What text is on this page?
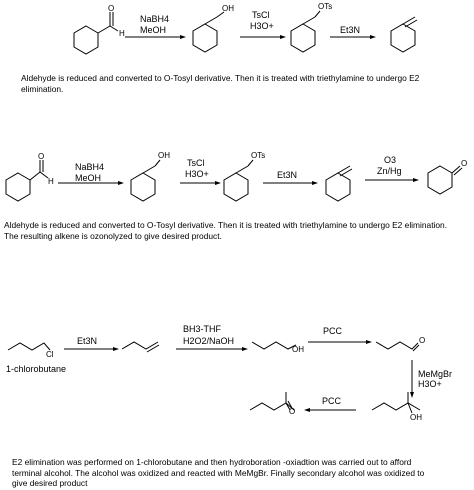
O
H
NaBH4
MeOH
OH
TsCl
H3O+
OTs
Et3N
O
H
NaBH4
MeOH
OH
TsCl
H3O+
OTs
Et3N
O3
Zn/Hg
O
Cl
1-chlorobutane
Et3N
BH3-THF
H2O2/NaOH
OH
PCC
O
MeMgBr
H3O+
OH
PCC
O

Aldehyde is reduced and converted to O-Tosyl derivative. Then it is treated with triethylamine to undergo E2

elimination.

Aldehyde is reduced and converted to O-Tosyl derivative. Then it is treated with triethylamine to undergo E2 elimination.

The resulting alkene is ozonolyzed to give desired product.

E2 elimination was performed on 1-chlorobutane and then hydroboration -oxiadtion was carried out to afford

terminal alcohol. The alcohol was oxidized and reacted with MeMgBr. Finally secondary alcohol was oxidized to

give desired product
